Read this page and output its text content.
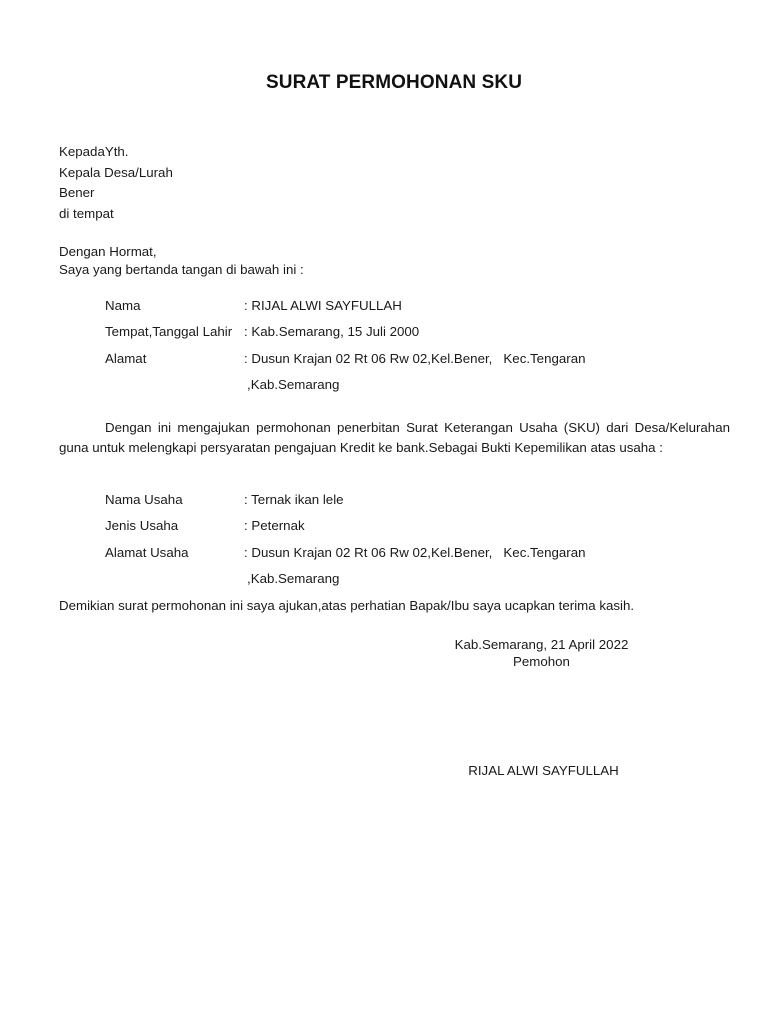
SURAT PERMOHONAN SKU
KepadaYth.
Kepala Desa/Lurah
Bener
di tempat
Dengan Hormat,
Saya yang bertanda tangan di bawah ini :
Nama	: RIJAL ALWI SAYFULLAH
Tempat,Tanggal Lahir : Kab.Semarang, 15 Juli 2000
Alamat	: Dusun Krajan 02 Rt 06 Rw 02,Kel.Bener,   Kec.Tengaran
,Kab.Semarang
Dengan ini mengajukan permohonan penerbitan Surat Keterangan Usaha (SKU) dari Desa/Kelurahan guna untuk melengkapi persyaratan pengajuan Kredit ke bank.Sebagai Bukti Kepemilikan atas usaha :
Nama Usaha	: Ternak ikan lele
Jenis Usaha	: Peternak
Alamat Usaha	: Dusun Krajan 02 Rt 06 Rw 02,Kel.Bener,   Kec.Tengaran
,Kab.Semarang
Demikian surat permohonan ini saya ajukan,atas perhatian Bapak/Ibu saya ucapkan terima kasih.
Kab.Semarang, 21 April 2022
Pemohon
RIJAL ALWI SAYFULLAH
